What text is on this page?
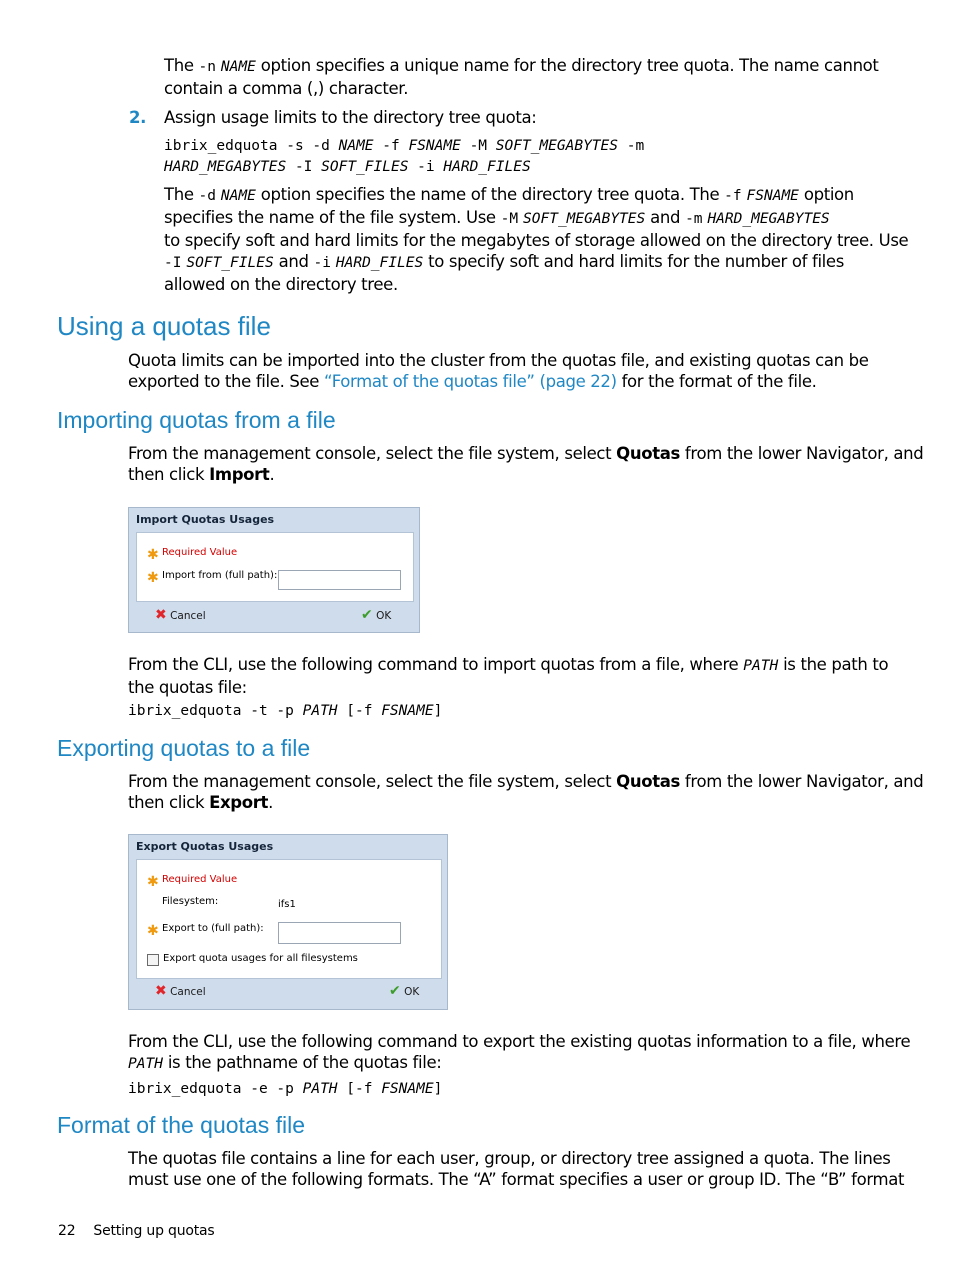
The -n NAME option specifies a unique name for the directory tree quota. The name cannot
contain a comma (,) character.
2. Assign usage limits to the directory tree quota:
ibrix_edquota -s -d NAME -f FSNAME -M SOFT_MEGABYTES -m
HARD_MEGABYTES -I SOFT_FILES -i HARD_FILES
The -d NAME option specifies the name of the directory tree quota. The -f FSNAME option
specifies the name of the file system. Use -M SOFT_MEGABYTES and -m HARD_MEGABYTES
to specify soft and hard limits for the megabytes of storage allowed on the directory tree. Use
-I SOFT_FILES and -i HARD_FILES to specify soft and hard limits for the number of files
allowed on the directory tree.
Using a quotas file
Quota limits can be imported into the cluster from the quotas file, and existing quotas can be
exported to the file. See “Format of the quotas file” (page 22) for the format of the file.
Importing quotas from a file
From the management console, select the file system, select Quotas from the lower Navigator, and
then click Import.
Import Quotas Usages
✱ Required Value
✱ Import from (full path):
✖ Cancel	✔ OK
From the CLI, use the following command to import quotas from a file, where PATH is the path to
the quotas file:
ibrix_edquota -t -p PATH [-f FSNAME]
Exporting quotas to a file
From the management console, select the file system, select Quotas from the lower Navigator, and
then click Export.
Export Quotas Usages
✱ Required Value
Filesystem:	ifs1
✱ Export to (full path):
Export quota usages for all filesystems
✖ Cancel	✔ OK
From the CLI, use the following command to export the existing quotas information to a file, where
PATH is the pathname of the quotas file:
ibrix_edquota -e -p PATH [-f FSNAME]
Format of the quotas file
The quotas file contains a line for each user, group, or directory tree assigned a quota. The lines
must use one of the following formats. The “A” format specifies a user or group ID. The “B” format
22 Setting up quotas
